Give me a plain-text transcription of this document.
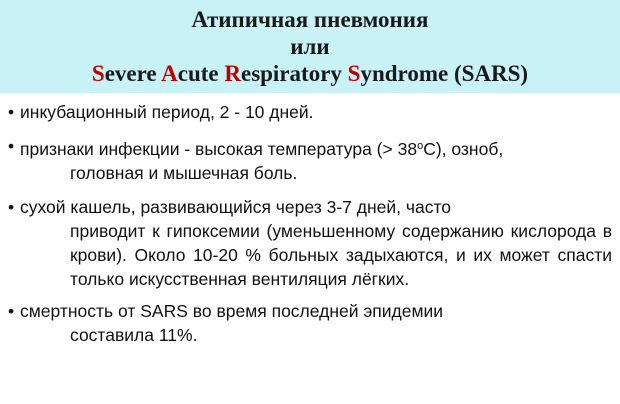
Атипичная пневмония
или
Severe Acute Respiratory Syndrome (SARS)
• инкубационный период, 2 - 10 дней.
• признаки инфекции - высокая температура (> $38^oC$), озноб,
головная и мышечная боль.
• сухой кашель, развивающийся через 3-7 дней, часто
приводит к гипоксемии (уменьшенному содержанию кислорода в крови). Около 10-20 % больных задыхаются, и их может спасти только искусственная вентиляция лёгких.
• смертность от SARS во время последней эпидемии
составила 11%.
